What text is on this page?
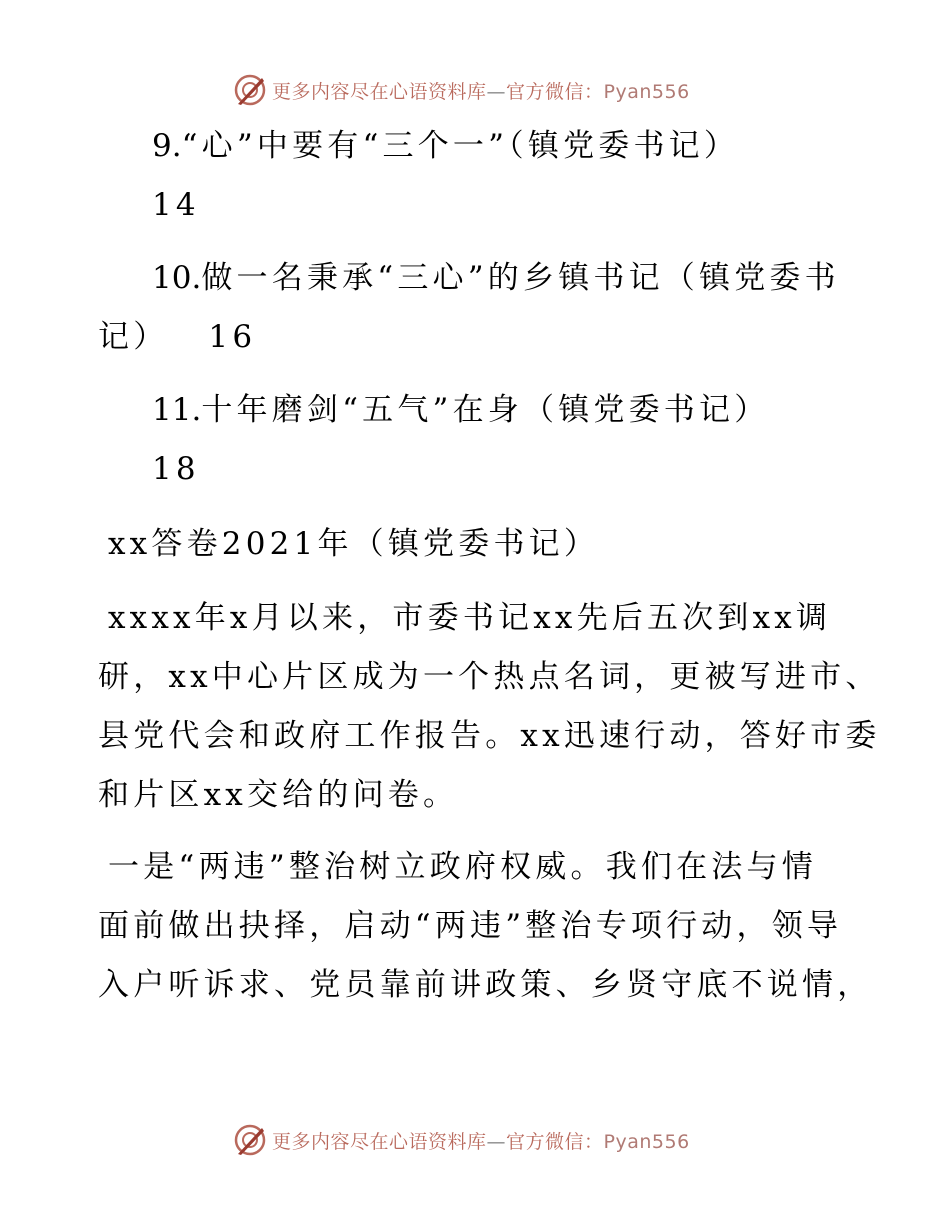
更多内容尽在心语资料库—官方微信：Pyan556
9.“心”中要有“三个一”（镇党委书记）
14
10.做一名秉承“三心”的乡镇书记（镇党委书
记） 16
11.十年磨剑“五气”在身（镇党委书记）
18
xx答卷2021年（镇党委书记）
xxxx年x月以来，市委书记xx先后五次到xx调
研，xx中心片区成为一个热点名词，更被写进市、
县党代会和政府工作报告。xx迅速行动，答好市委
和片区xx交给的问卷。
一是“两违”整治树立政府权威。我们在法与情
面前做出抉择，启动“两违”整治专项行动，领导
入户听诉求、党员靠前讲政策、乡贤守底不说情，
更多内容尽在心语资料库—官方微信：Pyan556
